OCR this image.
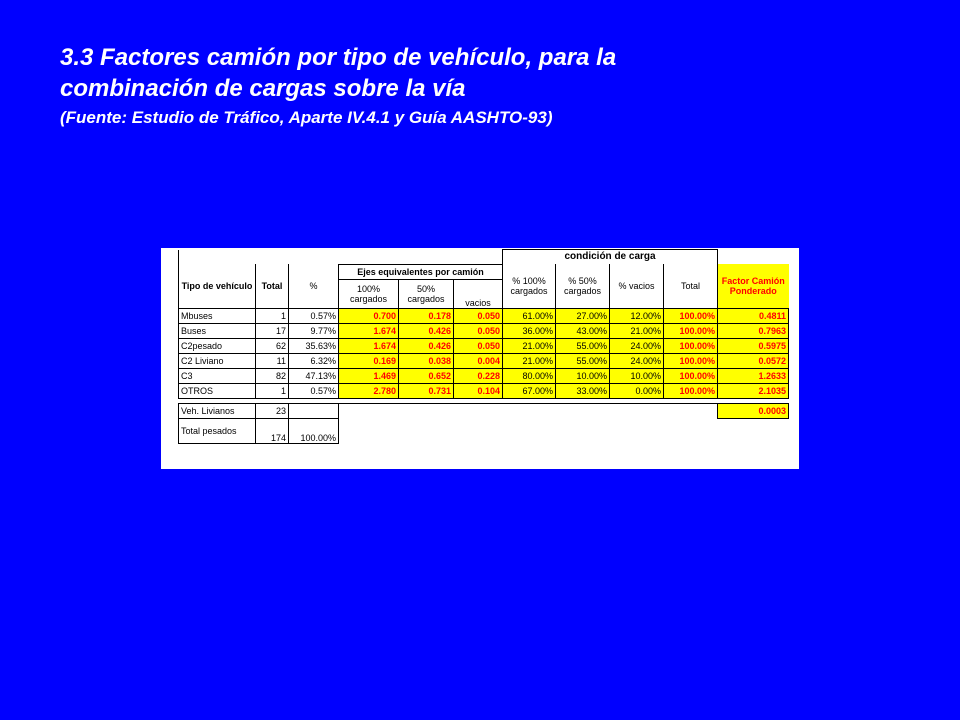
3.3 Factores camión por tipo de vehículo, para la
combinación de cargas sobre la vía
(Fuente: Estudio de Tráfico, Aparte IV.4.1 y Guía AASHTO-93)
						condición de carga				
Tipo de vehículo	Total	%	Ejes equivalentes por camión			% 100% cargados	% 50% cargados	% vacios	Total	Factor Camión Ponderado
			100% cargados	50% cargados	vacios					

Mbuses	1	0.57%	0.700	0.178	0.050	61.00%	27.00%	12.00%	100.00%	0.4811
Buses	17	9.77%	1.674	0.426	0.050	36.00%	43.00%	21.00%	100.00%	0.7963
C2pesado	62	35.63%	1.674	0.426	0.050	21.00%	55.00%	24.00%	100.00%	0.5975
C2 Liviano	11	6.32%	0.169	0.038	0.004	21.00%	55.00%	24.00%	100.00%	0.0572
C3	82	47.13%	1.469	0.652	0.228	80.00%	10.00%	10.00%	100.00%	1.2633
OTROS	1	0.57%	2.780	0.731	0.104	67.00%	33.00%	0.00%	100.00%	2.1035

Veh. Livianos	23									0.0003
Total pesados	174	100.00%								
